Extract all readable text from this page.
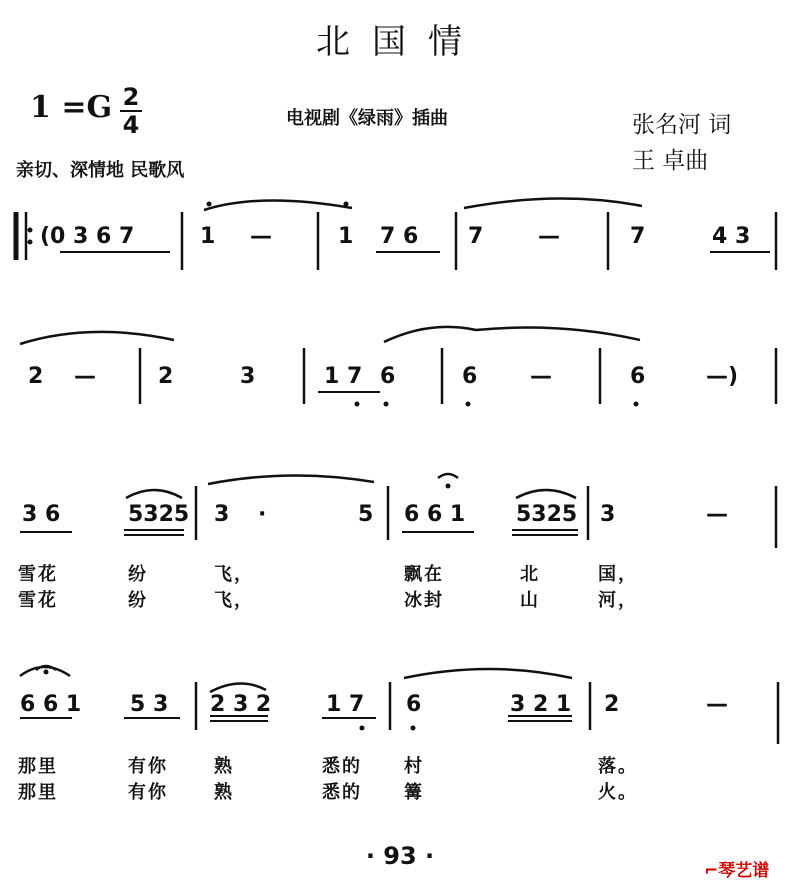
北国情
1 =G 2
4	电视剧《绿雨》插曲	张名河 词
王 卓曲
亲切、深情地 民歌风
(0 3 6 7	1 —	1 7 6 7 —	7	4 3
2 —	2	3	1 7 6	6 —	6	—)
3 6	5325 3 ·	5 6 6 1 5325 3	—
雪花	纷	飞，	飘在	北	国，
雪花	纷	飞，	冰封	山	河，
6 6 1 5 3 2 3 2 1 7 6	3 2 1 2	—
那里	有你	熟	悉的 村	落。
那里	有你	熟	悉的 篝	火。
· 93 ·
⌐琴艺谱
